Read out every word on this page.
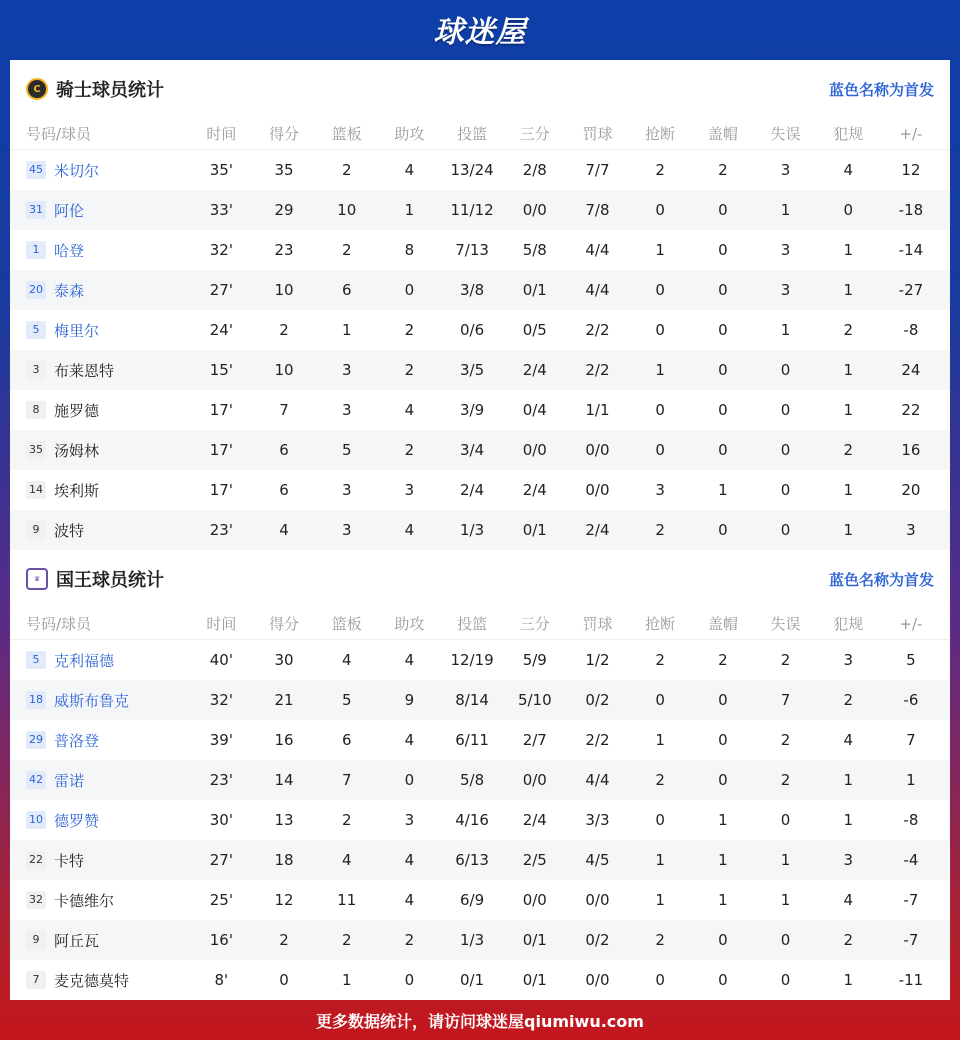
球迷屋
C 骑士球员统计	蓝色名称为首发
号码/球员	时间	得分	篮板	助攻	投篮	三分	罚球	抢断	盖帽	失误	犯规	+/-
45 米切尔	35'	35	2	4	13/24	2/8	7/7	2	2	3	4	12
31 阿伦	33'	29	10	1	11/12	0/0	7/8	0	0	1	0	-18
1 哈登	32'	23	2	8	7/13	5/8	4/4	1	0	3	1	-14
20 泰森	27'	10	6	0	3/8	0/1	4/4	0	0	3	1	-27
5 梅里尔	24'	2	1	2	0/6	0/5	2/2	0	0	1	2	-8
3 布莱恩特	15'	10	3	2	3/5	2/4	2/2	1	0	0	1	24
8 施罗德	17'	7	3	4	3/9	0/4	1/1	0	0	0	1	22
35 汤姆林	17'	6	5	2	3/4	0/0	0/0	0	0	0	2	16
14 埃利斯	17'	6	3	3	2/4	2/4	0/0	3	1	0	1	20
9 波特	23'	4	3	4	1/3	0/1	2/4	2	0	0	1	3
♛ 国王球员统计	蓝色名称为首发
号码/球员	时间	得分	篮板	助攻	投篮	三分	罚球	抢断	盖帽	失误	犯规	+/-
5 克利福德	40'	30	4	4	12/19	5/9	1/2	2	2	2	3	5
18 威斯布鲁克	32'	21	5	9	8/14	5/10	0/2	0	0	7	2	-6
29 普洛登	39'	16	6	4	6/11	2/7	2/2	1	0	2	4	7
42 雷诺	23'	14	7	0	5/8	0/0	4/4	2	0	2	1	1
10 德罗赞	30'	13	2	3	4/16	2/4	3/3	0	1	0	1	-8
22 卡特	27'	18	4	4	6/13	2/5	4/5	1	1	1	3	-4
32 卡德维尔	25'	12	11	4	6/9	0/0	0/0	1	1	1	4	-7
9 阿丘瓦	16'	2	2	2	1/3	0/1	0/2	2	0	0	2	-7
7 麦克德莫特	8'	0	1	0	0/1	0/1	0/0	0	0	0	1	-11
更多数据统计，请访问球迷屋qiumiwu.com
